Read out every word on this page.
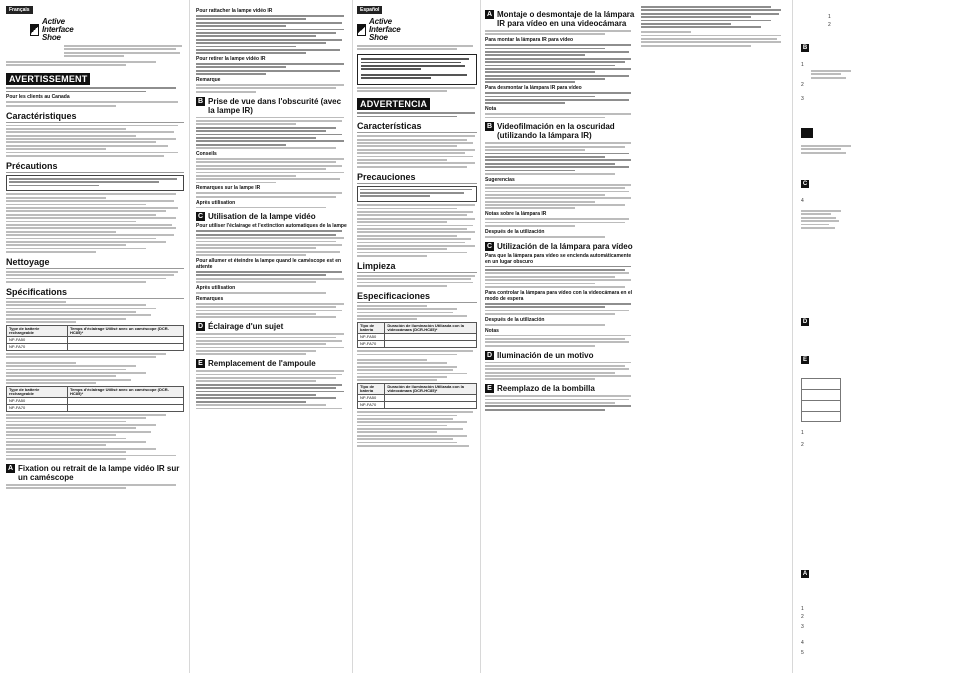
Français
Active Interface Shoe
AVERTISSEMENT
Pour les clients au Canada
Caractéristiques
Précautions
Nettoyage
Spécifications
Type de batterie rechargeable	Temps d'éclairage Utilisé avec un caméscope (DCR-HC85)*
NP-FA50	
NP-FA70	
Type de batterie rechargeable	Temps d'éclairage Utilisé avec un caméscope (DCR-HC85)*
NP-FA50	
NP-FA70	
A Fixation ou retrait de la lampe vidéo IR sur un caméscope
Pour rattacher la lampe vidéo IR
Pour retirer la lampe vidéo IR
Remarque
B Prise de vue dans l'obscurité (avec la lampe IR)
Conseils
Remarques sur la lampe IR
Après utilisation
C Utilisation de la lampe vidéo
Pour utiliser l'éclairage et l'extinction automatiques de la lampe
Pour allumer et éteindre la lampe quand le caméscope est en attente
Après utilisation
Remarques
D Éclairage d'un sujet
E Remplacement de l'ampoule
Español
Active Interface Shoe
ADVERTENCIA
Características
Precauciones
Limpieza
Especificaciones
Tipo de batería	Duración de iluminación Utilizada con la videocámara (DCR-HC85)*
NP-FA50	
NP-FA70	
Tipo de batería	Duración de iluminación Utilizada con la videocámara (DCR-HC85)*
NP-FA50	
NP-FA70	
A Montaje o desmontaje de la lámpara IR para vídeo en una videocámara
Para montar la lámpara IR para vídeo
Para desmontar la lámpara IR para vídeo
Nota
B Videofilmación en la oscuridad (utilizando la lámpara IR)
Sugerencias
Notas sobre la lámpara IR
Después de la utilización
C Utilización de la lámpara para vídeo
Para que la lámpara para vídeo se encienda automáticamente en un lugar obscuro
Para controlar la lámpara para vídeo con la videocámara en el modo de espera
Después de la utilización
Notas
D Iluminación de un motivo
E Reemplazo de la bombilla
1
2
B
1
2
3
C
4
D
E
1
2
A
1
2
3
4
5
